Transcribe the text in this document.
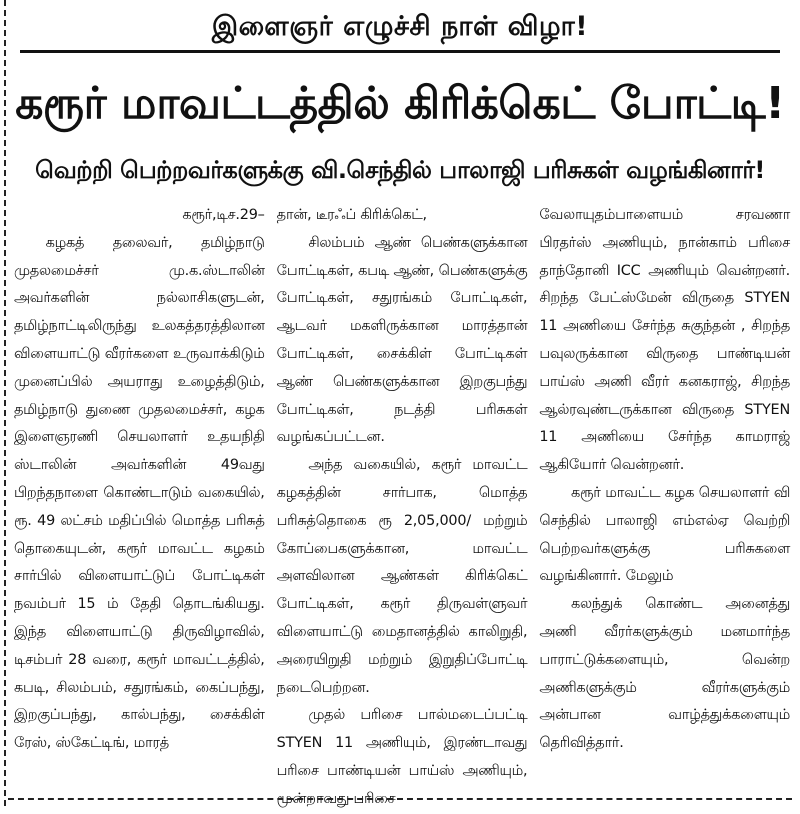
இளைஞர் எழுச்சி நாள் விழா!
கரூர் மாவட்டத்தில் கிரிக்கெட் போட்டி!
வெற்றி பெற்றவர்களுக்கு வி.செந்தில் பாலாஜி பரிசுகள் வழங்கினார்!

கரூர்,டிச.29–

கழகத் தலைவர், தமிழ்நாடு முதலமைச்சர் மு.க.ஸ்டாலின் அவர்களின் நல்லாசிகளுடன், தமிழ்நாட்டிலிருந்து உலகத்தரத்திலான விளையாட்டு வீரர்களை உருவாக்கிடும் முனைப்பில் அயராது உழைத்திடும், தமிழ்நாடு துணை முதலமைச்சர், கழக இளைஞரணி செயலாளர் உதயநிதி ஸ்டாலின் அவர்களின் 49வது பிறந்தநாளை கொண்டாடும் வகையில், ரூ. 49 லட்சம் மதிப்பில் மொத்த பரிசுத் தொகையுடன், கரூர் மாவட்ட கழகம் சார்பில் விளையாட்டுப் போட்டிகள் நவம்பர் 15 ம் தேதி தொடங்கியது. இந்த விளையாட்டு திருவிழாவில், டிசம்பர் 28 வரை, கரூர் மாவட்டத்தில், கபடி, சிலம்பம், சதுரங்கம், கைப்பந்து, இறகுப்பந்து, கால்பந்து, சைக்கிள் ரேஸ், ஸ்கேட்டிங், மாரத்

தான், டீரஃப் கிரிக்கெட்,

சிலம்பம் ஆண் பெண்களுக்கான போட்டிகள், கபடி ஆண், பெண்களுக்கு போட்டிகள், சதுரங்கம் போட்டிகள், ஆடவர் மகளிருக்கான மாரத்தான் போட்டிகள், சைக்கிள் போட்டிகள் ஆண் பெண்களுக்கான இறகுபந்து போட்டிகள், நடத்தி பரிசுகள் வழங்கப்பட்டன.

அந்த வகையில், கரூர் மாவட்ட கழகத்தின் சார்பாக, மொத்த பரிசுத்தொகை ரூ 2,05,000/ மற்றும் கோப்பைகளுக்கான, மாவட்ட அளவிலான ஆண்கள் கிரிக்கெட் போட்டிகள், கரூர் திருவள்ளுவர் விளையாட்டு மைதானத்தில் காலிறுதி, அரையிறுதி மற்றும் இறுதிப்போட்டி நடைபெற்றன.

முதல் பரிசை பால்மடைப்பட்டி STYEN 11 அணியும், இரண்டாவது பரிசை பாண்டியன் பாய்ஸ் அணியும், மூன்றாவது பரிசை

வேலாயுதம்பாளையம் சரவணா பிரதர்ஸ் அணியும், நான்காம் பரிசை தாந்தோனி ICC அணியும் வென்றனர். சிறந்த பேட்ஸ்மேன் விருதை STYEN 11 அணியை சேர்ந்த சுகுந்தன் , சிறந்த பவுலருக்கான விருதை பாண்டியன் பாய்ஸ் அணி வீரர் கனகராஜ், சிறந்த ஆல்ரவுண்டருக்கான விருதை STYEN 11 அணியை சேர்ந்த காமராஜ் ஆகியோர் வென்றனர்.

கரூர் மாவட்ட கழக செயலாளர் வி செந்தில் பாலாஜி எம்எல்ஏ வெற்றி பெற்றவர்களுக்கு பரிசுகளை வழங்கினார். மேலும்

கலந்துக் கொண்ட அனைத்து அணி வீரர்களுக்கும் மனமார்ந்த பாராட்டுக்களையும், வென்ற அணிகளுக்கும் வீரர்களுக்கும் அன்பான வாழ்த்துக்களையும் தெரிவித்தார்.
